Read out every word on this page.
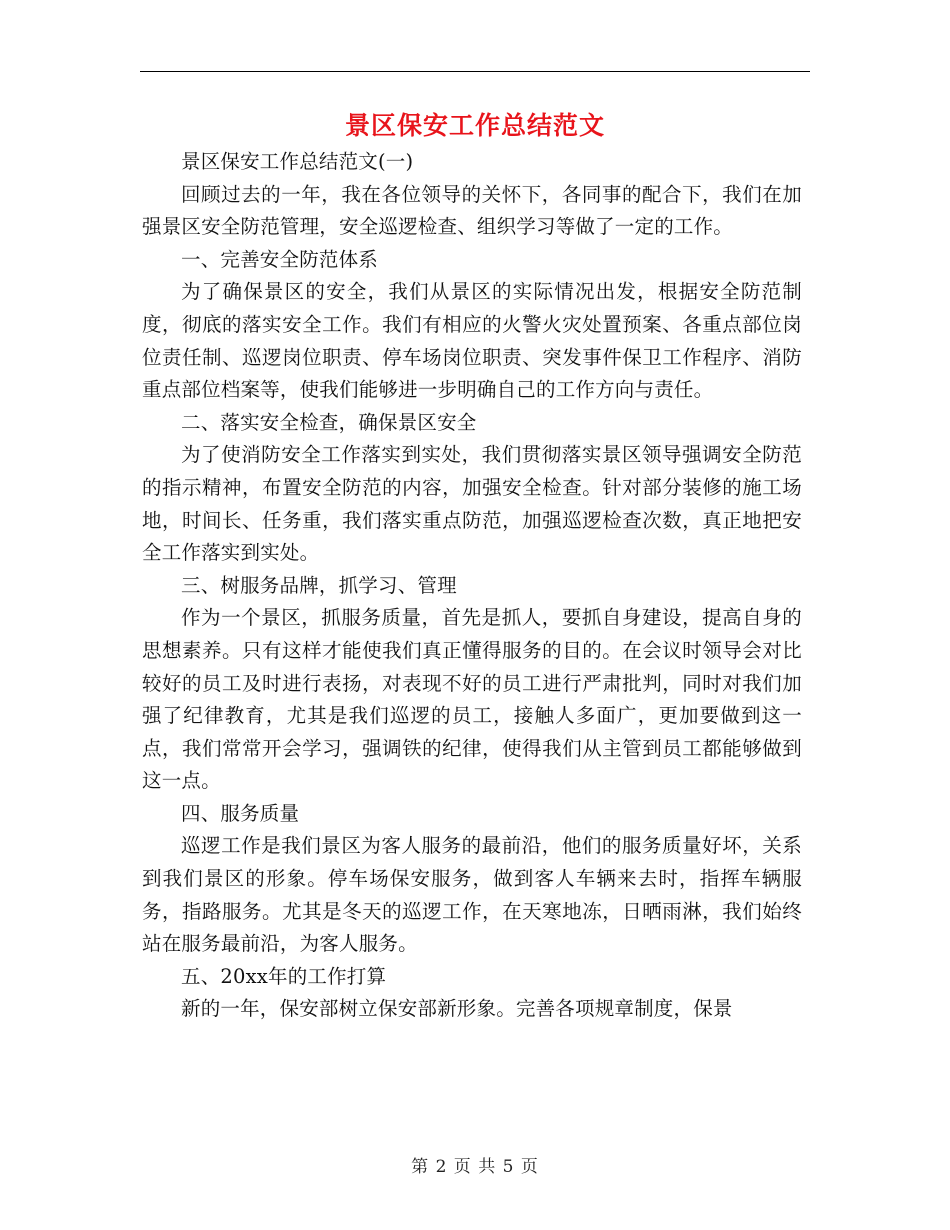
景区保安工作总结范文

景区保安工作总结范文(一)

回顾过去的一年，我在各位领导的关怀下，各同事的配合下，我们在加强景区安全防范管理，安全巡逻检查、组织学习等做了一定的工作。

一、完善安全防范体系

为了确保景区的安全，我们从景区的实际情况出发，根据安全防范制度，彻底的落实安全工作。我们有相应的火警火灾处置预案、各重点部位岗位责任制、巡逻岗位职责、停车场岗位职责、突发事件保卫工作程序、消防重点部位档案等，使我们能够进一步明确自己的工作方向与责任。

二、落实安全检查，确保景区安全

为了使消防安全工作落实到实处，我们贯彻落实景区领导强调安全防范的指示精神，布置安全防范的内容，加强安全检查。针对部分装修的施工场地，时间长、任务重，我们落实重点防范，加强巡逻检查次数，真正地把安全工作落实到实处。

三、树服务品牌，抓学习、管理

作为一个景区，抓服务质量，首先是抓人，要抓自身建设，提高自身的思想素养。只有这样才能使我们真正懂得服务的目的。在会议时领导会对比较好的员工及时进行表扬，对表现不好的员工进行严肃批判，同时对我们加强了纪律教育，尤其是我们巡逻的员工，接触人多面广，更加要做到这一点，我们常常开会学习，强调铁的纪律，使得我们从主管到员工都能够做到这一点。

四、服务质量

巡逻工作是我们景区为客人服务的最前沿，他们的服务质量好坏，关系到我们景区的形象。停车场保安服务，做到客人车辆来去时，指挥车辆服务，指路服务。尤其是冬天的巡逻工作，在天寒地冻，日晒雨淋，我们始终站在服务最前沿，为客人服务。

五、20xx年的工作打算

新的一年，保安部树立保安部新形象。完善各项规章制度，保景

第 2 页 共 5 页
